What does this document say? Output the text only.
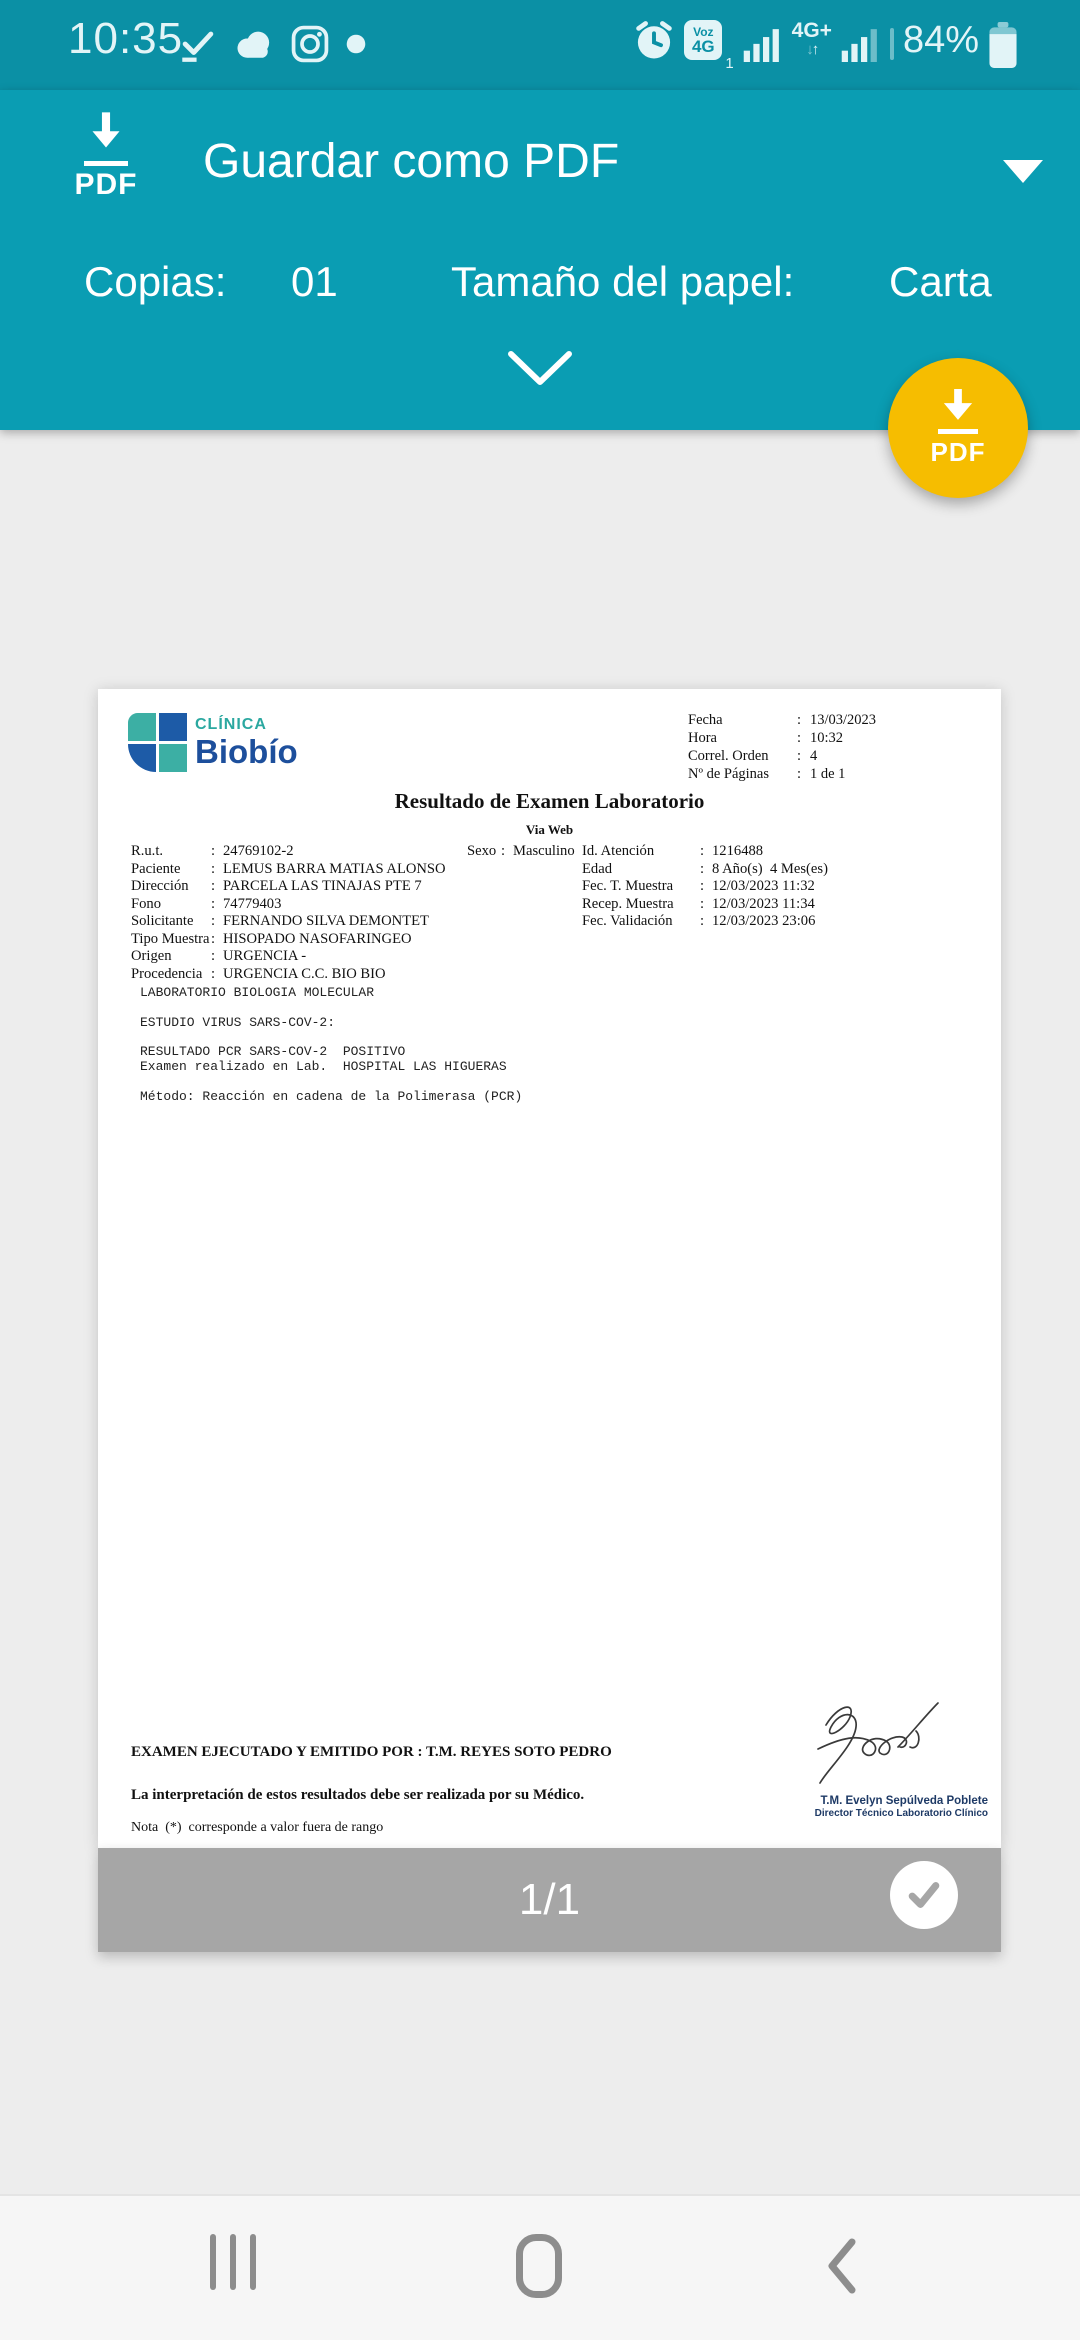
10:35	Voz
4G
1
4G+
↓↑ 84%
PDF Guardar como PDF
Copias: 01	Tamaño del papel: Carta
PDF
CLÍNICA
Biobío
Fecha	: 13/03/2023
Hora	: 10:32
Correl. Orden	: 4
Nº de Páginas	: 1 de 1
Resultado de Examen Laboratorio
Via Web
R.u.t.	: 24769102-2
Paciente	: LEMUS BARRA MATIAS ALONSO
Dirección	: PARCELA LAS TINAJAS PTE 7
Fono	: 74779403
Solicitante	: FERNANDO SILVA DEMONTET
Tipo Muestra : HISOPADO NASOFARINGEO
Origen	: URGENCIA -
Procedencia : URGENCIA C.C. BIO BIO
Sexo : Masculino Id. Atención	: 1216488
Edad	: 8 Año(s)  4 Mes(es)
Fec. T. Muestra	: 12/03/2023 11:32
Recep. Muestra	: 12/03/2023 11:34
Fec. Validación	: 12/03/2023 23:06
LABORATORIO BIOLOGIA MOLECULAR
ESTUDIO VIRUS SARS-COV-2:
RESULTADO PCR SARS-COV-2  POSITIVO
Examen realizado en Lab.  HOSPITAL LAS HIGUERAS
Método: Reacción en cadena de la Polimerasa (PCR)
EXAMEN EJECUTADO Y EMITIDO POR : T.M. REYES SOTO PEDRO
La interpretación de estos resultados debe ser realizada por su Médico.
Nota  (*)  corresponde a valor fuera de rango
T.M. Evelyn Sepúlveda Poblete
Director Técnico Laboratorio Clínico
1/1
